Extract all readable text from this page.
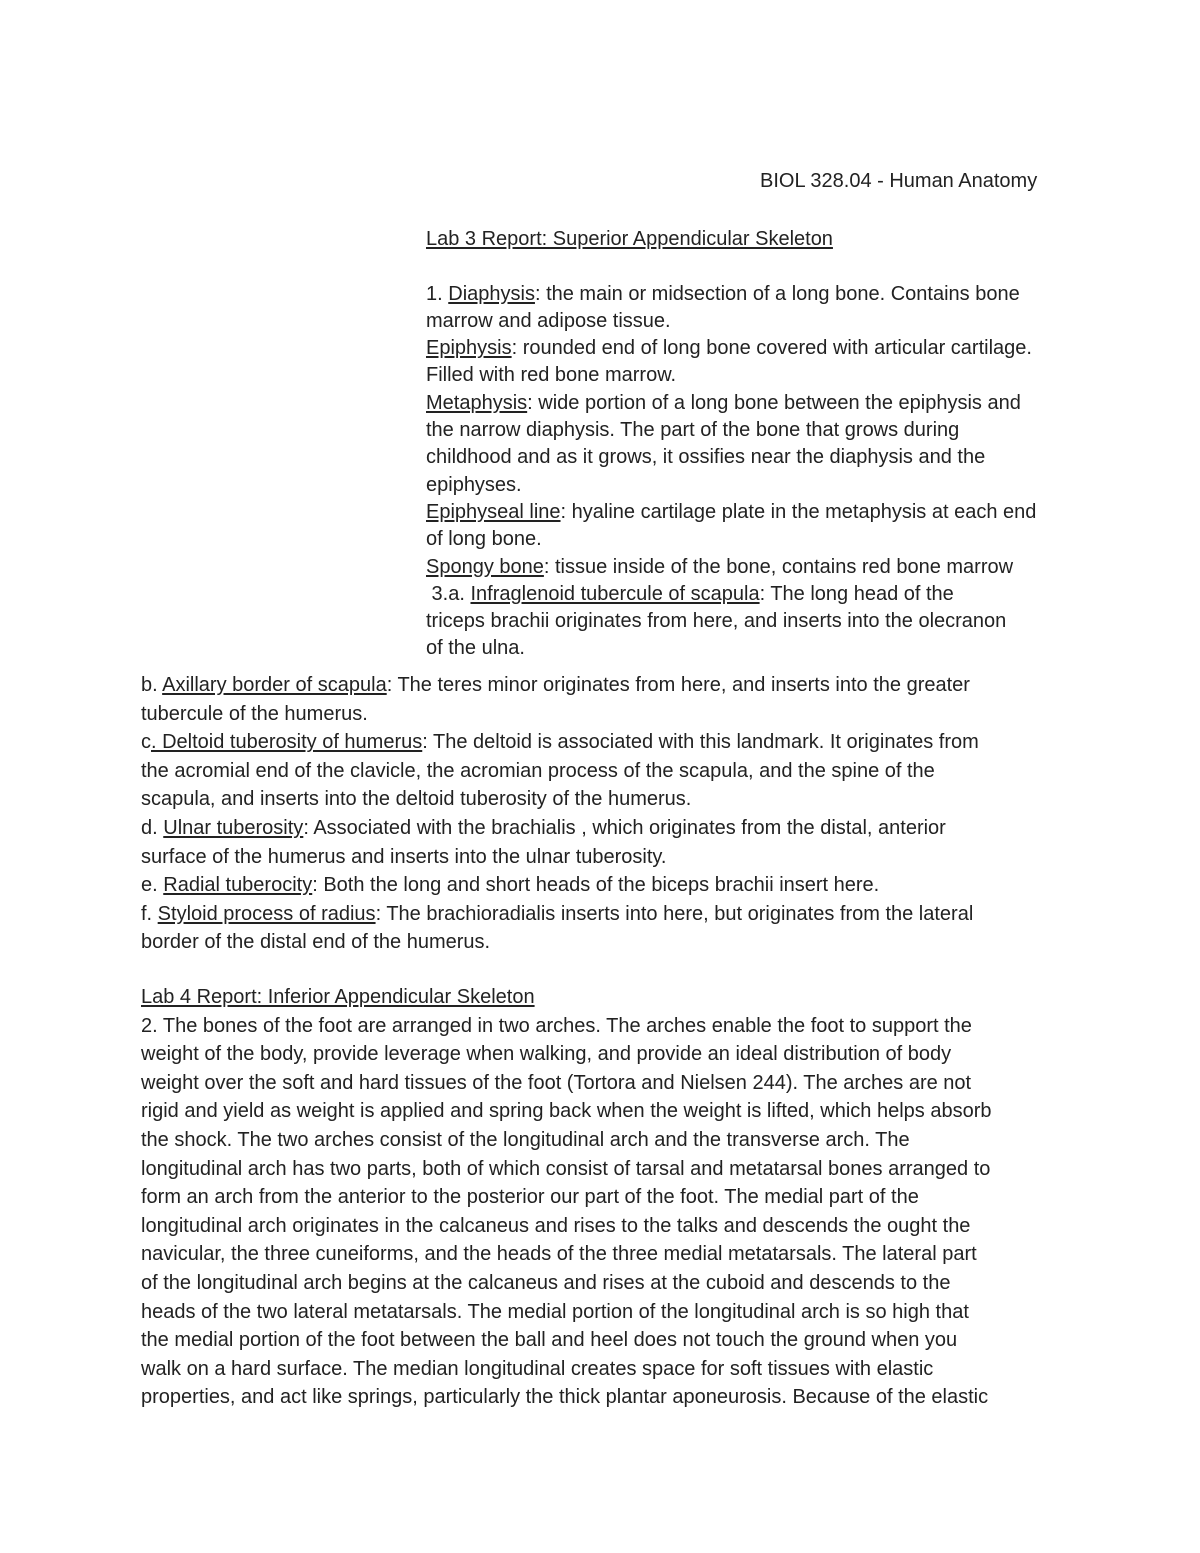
BIOL 328.04 - Human Anatomy
Lab 3 Report: Superior Appendicular Skeleton
1. Diaphysis: the main or midsection of a long bone. Contains bone
marrow and adipose tissue.
Epiphysis: rounded end of long bone covered with articular cartilage.
Filled with red bone marrow.
Metaphysis: wide portion of a long bone between the epiphysis and
the narrow diaphysis. The part of the bone that grows during
childhood and as it grows, it ossifies near the diaphysis and the
epiphyses.
Epiphyseal line: hyaline cartilage plate in the metaphysis at each end
of long bone.
Spongy bone: tissue inside of the bone, contains red bone marrow
3.a. Infraglenoid tubercule of scapula: The long head of the
triceps brachii originates from here, and inserts into the olecranon
of the ulna.
b. Axillary border of scapula: The teres minor originates from here, and inserts into the greater
tubercule of the humerus.
c. Deltoid tuberosity of humerus: The deltoid is associated with this landmark. It originates from
the acromial end of the clavicle, the acromian process of the scapula, and the spine of the
scapula, and inserts into the deltoid tuberosity of the humerus.
d. Ulnar tuberosity: Associated with the brachialis , which originates from the distal, anterior
surface of the humerus and inserts into the ulnar tuberosity.
e. Radial tuberocity: Both the long and short heads of the biceps brachii insert here.
f. Styloid process of radius: The brachioradialis inserts into here, but originates from the lateral
border of the distal end of the humerus.
Lab 4 Report: Inferior Appendicular Skeleton
2. The bones of the foot are arranged in two arches. The arches enable the foot to support the
weight of the body, provide leverage when walking, and provide an ideal distribution of body
weight over the soft and hard tissues of the foot (Tortora and Nielsen 244). The arches are not
rigid and yield as weight is applied and spring back when the weight is lifted, which helps absorb
the shock. The two arches consist of the longitudinal arch and the transverse arch. The
longitudinal arch has two parts, both of which consist of tarsal and metatarsal bones arranged to
form an arch from the anterior to the posterior our part of the foot. The medial part of the
longitudinal arch originates in the calcaneus and rises to the talks and descends the ought the
navicular, the three cuneiforms, and the heads of the three medial metatarsals. The lateral part
of the longitudinal arch begins at the calcaneus and rises at the cuboid and descends to the
heads of the two lateral metatarsals. The medial portion of the longitudinal arch is so high that
the medial portion of the foot between the ball and heel does not touch the ground when you
walk on a hard surface. The median longitudinal creates space for soft tissues with elastic
properties, and act like springs, particularly the thick plantar aponeurosis. Because of the elastic
